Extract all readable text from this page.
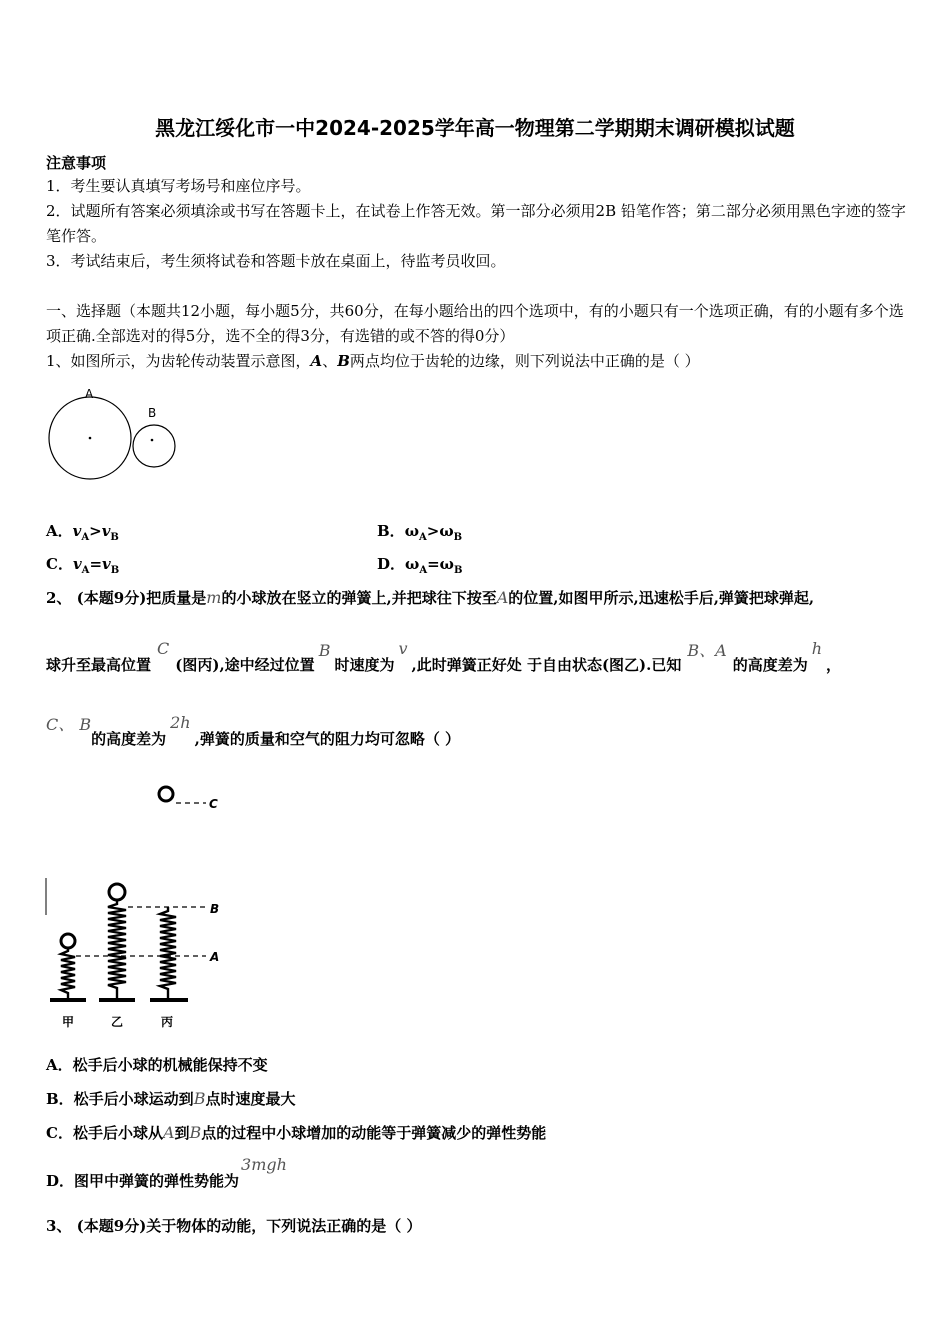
黑龙江绥化市一中2024-2025学年高一物理第二学期期末调研模拟试题
注意事项
1．考生要认真填写考场号和座位序号。
2．试题所有答案必须填涂或书写在答题卡上，在试卷上作答无效。第一部分必须用2B 铅笔作答；第二部分必须用黑色字迹的签字笔作答。
3．考试结束后，考生须将试卷和答题卡放在桌面上，待监考员收回。
一、选择题（本题共12小题，每小题5分，共60分，在每小题给出的四个选项中，有的小题只有一个选项正确，有的小题有多个选项正确.全部选对的得5分，选不全的得3分，有选错的或不答的得0分）
1、如图所示，为齿轮传动装置示意图，A、B两点均位于齿轮的边缘，则下列说法中正确的是（ ）
A
B
A．$v_A>v_B$	B．$\omega_A>\omega_B$
C．$v_A=v_B$	D．$\omega_A=\omega_B$
2、 (本题9分)把质量是m的小球放在竖立的弹簧上,并把球往下按至A的位置,如图甲所示,迅速松手后,弹簧把球弹起,
球升至最高位置C(图丙),途中经过位置B时速度为v,此时弹簧正好处 于自由状态(图乙).已知B、A的高度差为h，
C、 B的高度差为2h,弹簧的质量和空气的阻力均可忽略（ ）
C
B
A
甲	乙	丙
A．松手后小球的机械能保持不变
B．松手后小球运动到B点时速度最大
C．松手后小球从A到B点的过程中小球增加的动能等于弹簧减少的弹性势能
D．图甲中弹簧的弹性势能为3mgh
3、 (本题9分)关于物体的动能，下列说法正确的是（ ）
